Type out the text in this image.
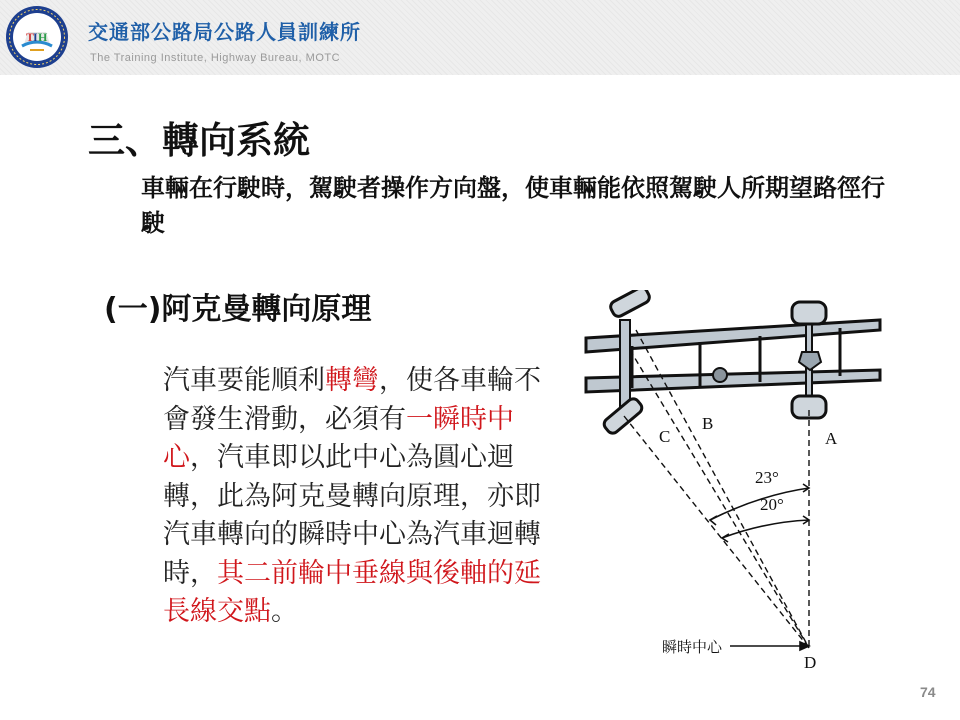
T
I H 交通部公路局公路人員訓練所
The Training Institute, Highway Bureau, MOTC
三、轉向系統
車輛在行駛時，駕駛者操作方向盤，使車輛能依照駕駛人所期望路徑行駛
(一)阿克曼轉向原理
汽車要能順利轉彎，使各車輪不會發生滑動，必須有一瞬時中心，汽車即以此中心為圓心迴轉，此為阿克曼轉向原理，亦即汽車轉向的瞬時中心為汽車迴轉時，其二前輪中垂線與後軸的延長線交點。
A
B
C
D
23°
20°
瞬時中心
74
